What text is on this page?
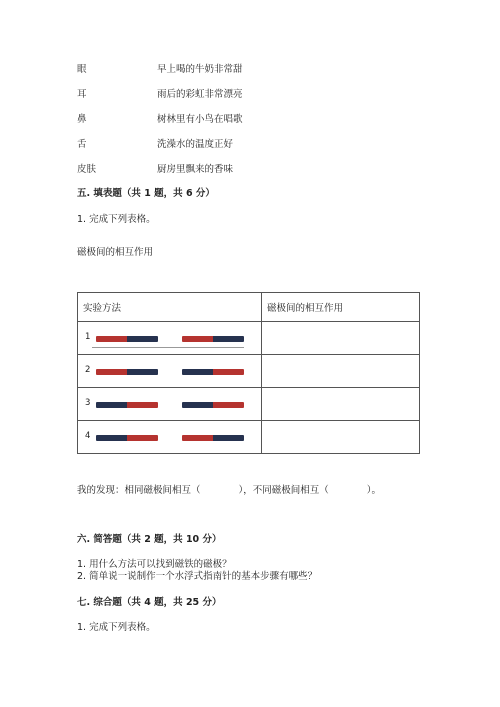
眼	早上喝的牛奶非常甜
耳	雨后的彩虹非常漂亮
鼻	树林里有小鸟在唱歌
舌	洗澡水的温度正好
皮肤	厨房里飘来的香味
五. 填表题（共 1 题，共 6 分）
1. 完成下列表格。
磁极间的相互作用
实验方法	磁极间的相互作用

1	

2	

3	

4	

我的发现：相同磁极间相互（　　　　），不同磁极间相互（　　　　）。
六. 简答题（共 2 题，共 10 分）
1. 用什么方法可以找到磁铁的磁极？
2. 简单说一说制作一个水浮式指南针的基本步骤有哪些？
七. 综合题（共 4 题，共 25 分）
1. 完成下列表格。
